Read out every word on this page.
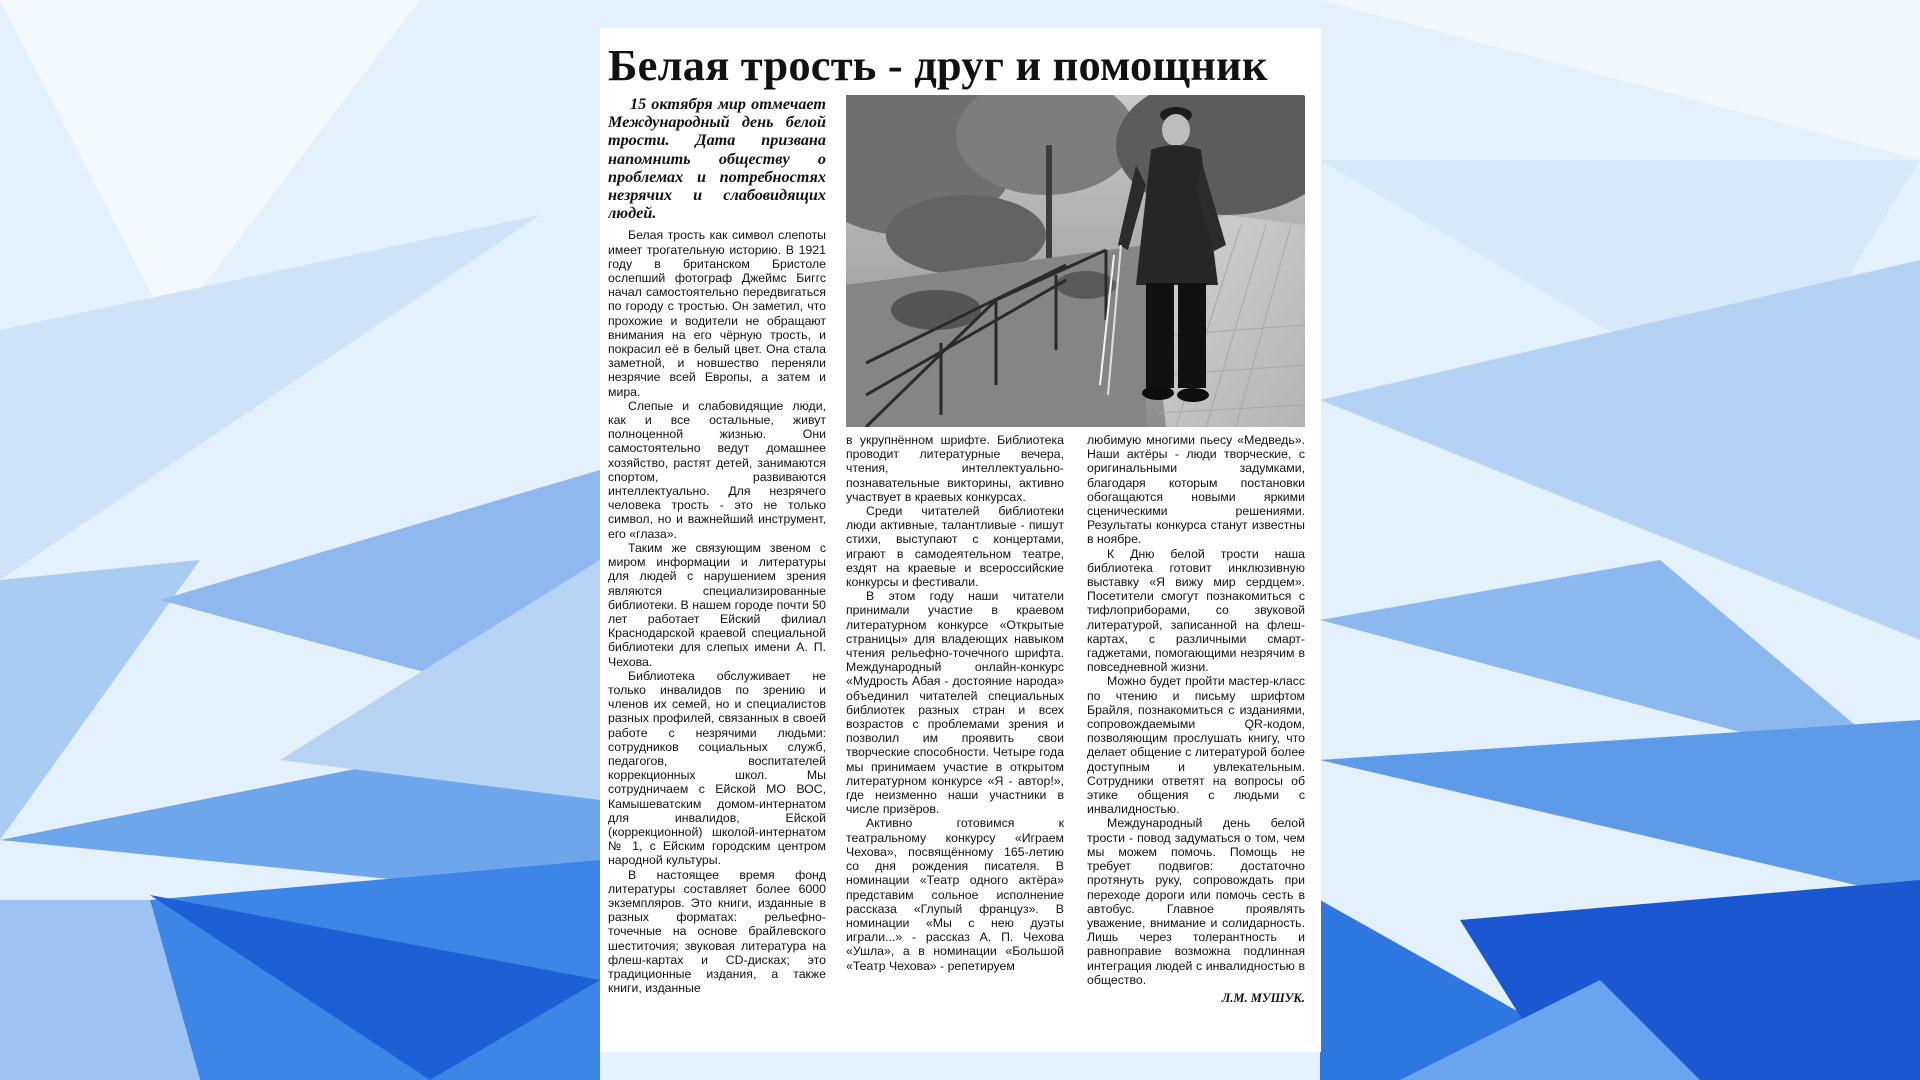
Белая трость - друг и помощник
15 октября мир отмечает Международный день белой трости. Дата призвана напомнить обществу о проблемах и потребностях незрячих и слабовидящих людей.

Белая трость как символ слепоты имеет трогательную историю. В 1921 году в британском Бристоле ослепший фотограф Джеймс Биггс начал самостоятельно передвигаться по городу с тростью. Он заметил, что прохожие и водители не обращают внимания на его чёрную трость, и покрасил её в белый цвет. Она стала заметной, и новшество переняли незрячие всей Европы, а затем и мира.

Слепые и слабовидящие люди, как и все остальные, живут полноценной жизнью. Они самостоятельно ведут домашнее хозяйство, растят детей, занимаются спортом, развиваются интеллектуально. Для незрячего человека трость - это не только символ, но и важнейший инструмент, его «глаза».

Таким же связующим звеном с миром информации и литературы для людей с нарушением зрения являются специализированные библиотеки. В нашем городе почти 50 лет работает Ейский филиал Краснодарской краевой специальной библиотеки для слепых имени А. П. Чехова.

Библиотека обслуживает не только инвалидов по зрению и членов их семей, но и специалистов разных профилей, связанных в своей работе с незрячими людьми: сотрудников социальных служб, педагогов, воспитателей коррекционных школ. Мы сотрудничаем с Ейской МО ВОС, Камышеватским домом-интернатом для инвалидов, Ейской (коррекционной) школой-интернатом № 1, с Ейским городским центром народной культуры.

В настоящее время фонд литературы составляет более 6000 экземпляров. Это книги, изданные в разных форматах: рельефно-точечные на основе брайлевского шеститочия; звуковая литература на флеш-картах и CD-дисках; это традиционные издания, а также книги, изданные

в укрупнённом шрифте. Библиотека проводит литературные вечера, чтения, интеллектуально-познавательные викторины, активно участвует в краевых конкурсах.

Среди читателей библиотеки люди активные, талантливые - пишут стихи, выступают с концертами, играют в самодеятельном театре, ездят на краевые и всероссийские конкурсы и фестивали.

В этом году наши читатели принимали участие в краевом литературном конкурсе «Открытые страницы» для владеющих навыком чтения рельефно-точечного шрифта. Международный онлайн-конкурс «Мудрость Абая - достояние народа» объединил читателей специальных библиотек разных стран и всех возрастов с проблемами зрения и позволил им проявить свои творческие способности. Четыре года мы принимаем участие в открытом литературном конкурсе «Я - автор!», где неизменно наши участники в числе призёров.

Активно готовимся к театральному конкурсу «Играем Чехова», посвящённому 165-летию со дня рождения писателя. В номинации «Театр одного актёра» представим сольное исполнение рассказа «Глупый француз». В номинации «Мы с нею дуэты играли...» - рассказ А. П. Чехова «Ушла», а в номинации «Большой «Театр Чехова» - репетируем

любимую многими пьесу «Медведь». Наши актёры - люди творческие, с оригинальными задумками, благодаря которым постановки обогащаются новыми яркими сценическими решениями. Результаты конкурса станут известны в ноябре.

К Дню белой трости наша библиотека готовит инклюзивную выставку «Я вижу мир сердцем». Посетители смогут познакомиться с тифлоприборами, со звуковой литературой, записанной на флеш-картах, с различными смарт-гаджетами, помогающими незрячим в повседневной жизни.

Можно будет пройти мастер-класс по чтению и письму шрифтом Брайля, познакомиться с изданиями, сопровождаемыми QR-кодом, позволяющим прослушать книгу, что делает общение с литературой более доступным и увлекательным. Сотрудники ответят на вопросы об этике общения с людьми с инвалидностью.

Международный день белой трости - повод задуматься о том, чем мы можем помочь. Помощь не требует подвигов: достаточно протянуть руку, сопровождать при переходе дороги или помочь сесть в автобус. Главное проявлять уважение, внимание и солидарность. Лишь через толерантность и равноправие возможна подлинная интеграция людей с инвалидностью в общество.

Л.М. МУШУК.
